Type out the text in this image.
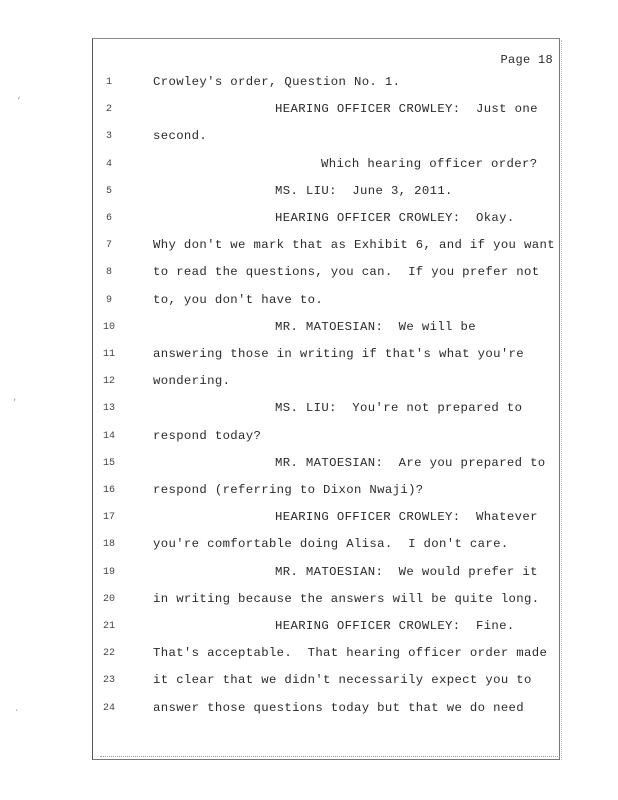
Page 18
1	Crowley's order, Question No. 1.
2	HEARING OFFICER CROWLEY:  Just one
3	second.
4	Which hearing officer order?
5	MS. LIU:  June 3, 2011.
6	HEARING OFFICER CROWLEY:  Okay.
7	Why don't we mark that as Exhibit 6, and if you want
8	to read the questions, you can.  If you prefer not
9	to, you don't have to.
10	MR. MATOESIAN:  We will be
11	answering those in writing if that's what you're
12	wondering.
13	MS. LIU:  You're not prepared to
14	respond today?
15	MR. MATOESIAN:  Are you prepared to
16	respond (referring to Dixon Nwaji)?
17	HEARING OFFICER CROWLEY:  Whatever
18	you're comfortable doing Alisa.  I don't care.
19	MR. MATOESIAN:  We would prefer it
20	in writing because the answers will be quite long.
21	HEARING OFFICER CROWLEY:  Fine.
22	That's acceptable.  That hearing officer order made
23	it clear that we didn't necessarily expect you to
24	answer those questions today but that we do need
‘
’
·
